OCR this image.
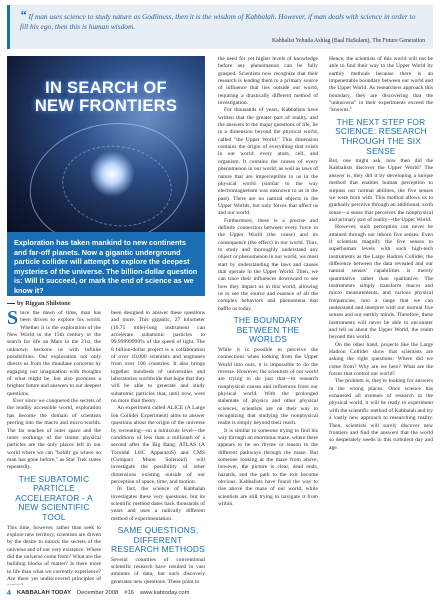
“ If man uses science to study nature as Godliness, then it is the wisdom of Kabbalah. However, if man deals with science in order to fill his ego, then this is human wisdom.
Kabbalist Yehuda Ashlag (Baal HaSulam), The Future Generation
IN SEARCH OF
NEW FRONTIERS
Exploration has taken mankind to new continents and far-off planets. Now a gigantic underground particle collider will attempt to explore the deepest mysteries of the universe. The billion-dollar question is: Will it succeed, or mark the end of science as we know it?
by Riggan Shilstone

Since the dawn of time, man has been driven to explore his world. Whether it is the exploration of the New World in the 15th century or the search for life on Mars in the 21st, the unknown beckons us with infinite possibilities. Our exploration not only directs us from the mundane concerns by engaging our imagination with thoughts of what might be, but also promises a brighter future and answers to our deepest questions.

Ever since we conquered the secrets of the readily accessible world, exploration has become the domain of scientists peering into the macro and micro worlds. The far reaches of outer space and the inner workings of the tiniest physical particles are the only places left in our world where we can "boldly go where no man has gone before," as Star Trek states repeatedly.

THE SUBATOMIC PARTICLE ACCELERATOR - A NEW SCIENTIFIC TOOL

This time, however, rather than seek to explore new territory, scientists are driven by the desire to unlock the secrets of the universe and of our very existence. Where did the universe come from? What are the building blocks of matter? Is there more to life than what we currently experience? Are there yet undiscovered principles of

been designed to answer these questions and more. This gigantic, 27 kilometer (16.75 mile)-long instrument can accelerate subatomic particles to 99.99999999% of the speed of light. The 8 billion-dollar project is a collaboration of over 10,000 scientists and engineers from over 100 countries. It also brings together hundreds of universities and laboratories worldwide that hope that they will be able to generate and study subatomic particles that, until now, were no more than theory.

An experiment called ALICE (A Large Ion Collider Experiment) aims to answer questions about the origin of the universe by recreating—on a miniscule level—the conditions of less than a millionth of a second after the Big Bang. ATLAS (A Toroidal LHC ApparatuS) and CMS (Compact Muon Solenoid) will investigate the possibility of other dimensions existing outside of our perception of space, time, and motion.

In fact, the science of Kabbalah investigates these very questions, but its scientific method dates back thousands of years and uses a radically different method of experimentation.

SAME QUESTIONS, DIFFERENT RESEARCH METHODS

Several countries of conventional scientific research have resulted in vast amounts of data, but each discovery generates new questions. These point to

the need for yet higher levels of knowledge before any phenomenon can be fully grasped. Scientists now recognize that their research is leading them to a primary source of influence that lies outside our world, requiring a drastically different method of investigation.

For thousands of years, Kabbalists have written that the greater part of reality, and the answers to the major questions of life, lie in a dimension beyond the physical world, called "the Upper World." This dimension contains the origin of everything that exists in our world: every atom, cell, and organism. It contains the causes of every phenomenon in our world, as well as laws of nature that are imperceptible to us in the physical world (similar to the way electromagnetism was unknown to us in the past). There are no natural objects in the Upper Worlds, but only forces that affect us and our world.

Furthermore, there is a precise and definite connection between every force in the Upper World (the cause) and its consequence (the effect) in our world. Thus, to study and thoroughly understand any object or phenomenon in our world, we must start by understanding the laws and causes that operate in the Upper World. Then, we can trace their influences downward to see how they impact us in this world, allowing us to see the source and essence of all the complex behaviors and phenomena that baffle us today.

THE BOUNDARY BETWEEN THE WORLDS

While it is possible to perceive the connections when looking from the Upper World into ours, it is impossible to do the reverse. However, the scientists of our world are trying to do just that—to research nonphysical causes and influences from our physical world. With the prolonged stalemate of physics and other physical sciences, scientists are on their way to recognizing that studying the nonphysical realm is simply beyond their reach.

It is similar to someone trying to find his way through an enormous maze, where there appears to be no rhyme or reason to the different pathways through the maze. But someone looking at the maze from above, however, the picture is clear, dead ends, hazards, and the path to the exit become obvious. Kabbalists have found the way to rise above the maze of our world, while scientists are still trying to navigate it from within.

Hence, the scientists of this world will not be able to find their way to the Upper World by earthly methods because there is an impenetrable boundary between our world and the Upper World. As researchers approach this boundary, they are discovering that the "unknowns" in their experiments exceed the "knowns."

THE NEXT STEP FOR SCIENCE: RESEARCH THROUGH THE SIX SENSE

But, one might ask, how then did the Kabbalists discover the Upper World? The answer is, they did it by developing a unique method that enables human perception to surpass our normal abilities, the five senses we were born with. This method allows us to gradually perceive through an additional, sixth sense—a sense that perceives the nonphysical and primary part of reality—the Upper World.

However, such perception can never be attained through our inborn five senses. Even if scientists magnify the five senses to superhuman levels with such high-tech instruments as the Large Hadron Collider, the difference between the data revealed and our natural senses' capabilities is merely quantitative rather than qualitative. The instruments simply transform macro and micro measurements, and various physical frequencies, into a range that we can understand and interpret with our normal five senses and our earthly minds. Therefore, these instruments will never be able to encounter and tell us about the Upper World, the realm beyond this world.

On the other hand, projects like the Large Hadron Collider show that scientists are asking the right questions: Where did we come from? Why are we here? What are the forces that control our world?

The problem is, they're looking for answers in the wrong places. Once science has exhausted all avenues of research in the physical world, it will be ready to experiment with the scientific method of Kabbalah and try a vastly new approach to researching reality. Then, scientists will surely discover new frontiers and find the answers that the world so desperately needs in this turbulent day and age.

4 KABBALAH TODAY December 2008 #16 www.kabtoday.com
